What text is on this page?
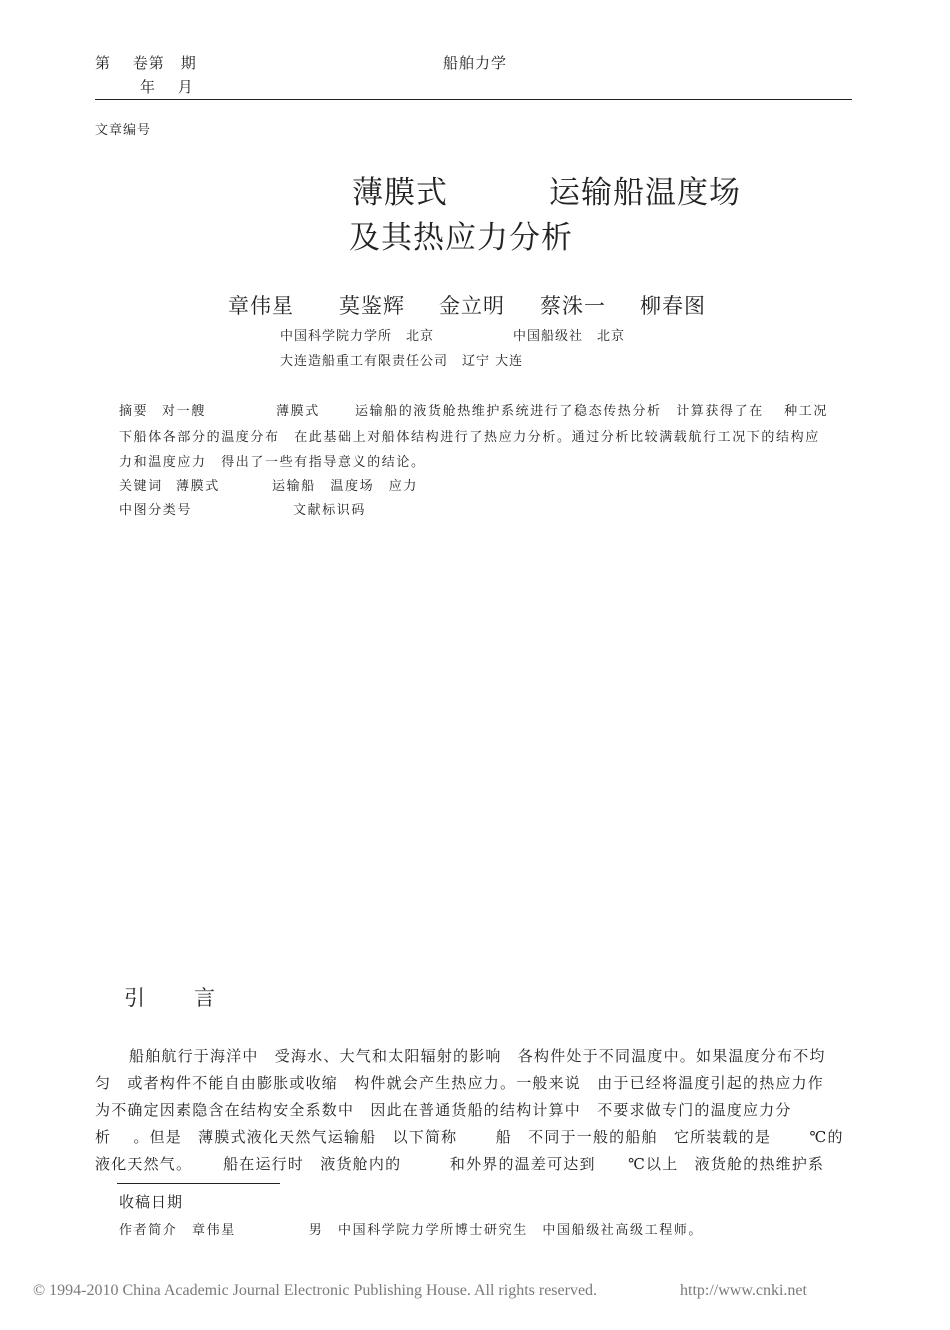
第　 卷第　期
年　 月
船舶力学
文章编号
薄膜式	运输船温度场
及其热应力分析
章伟星 莫鉴辉 金立明 蔡洙一 柳春图
中国科学院力学所　北京	中国船级社　北京
大连造船重工有限责任公司　辽宁 大连
摘要 对一艘	薄膜式	运输船的液货舱热维护系统进行了稳态传热分析　计算获得了在　 种工况
下船体各部分的温度分布　在此基础上对船体结构进行了热应力分析。通过分析比较满载航行工况下的结构应
力和温度应力　得出了一些有指导意义的结论。
关键词 薄膜式	运输船　温度场　应力
中图分类号	文献标识码
引　言
船舶航行于海洋中　受海水、大气和太阳辐射的影响　各构件处于不同温度中。如果温度分布不均
匀　或者构件不能自由膨胀或收缩　构件就会产生热应力。一般来说　由于已经将温度引起的热应力作
为不确定因素隐含在结构安全系数中　因此在普通货船的结构计算中　不要求做专门的温度应力分
析　 。但是　薄膜式液化天然气运输船　以下简称　　 船　不同于一般的船舶　它所装载的是　　 ℃的
液化天然气。　　 船在运行时　液货舱内的　　　和外界的温差可达到　　℃以上　液货舱的热维护系
收稿日期
作者简介　章伟星　　　　　男　中国科学院力学所博士研究生　中国船级社高级工程师。
© 1994-2010 China Academic Journal Electronic Publishing House. All rights reserved.	http://www.cnki.net
